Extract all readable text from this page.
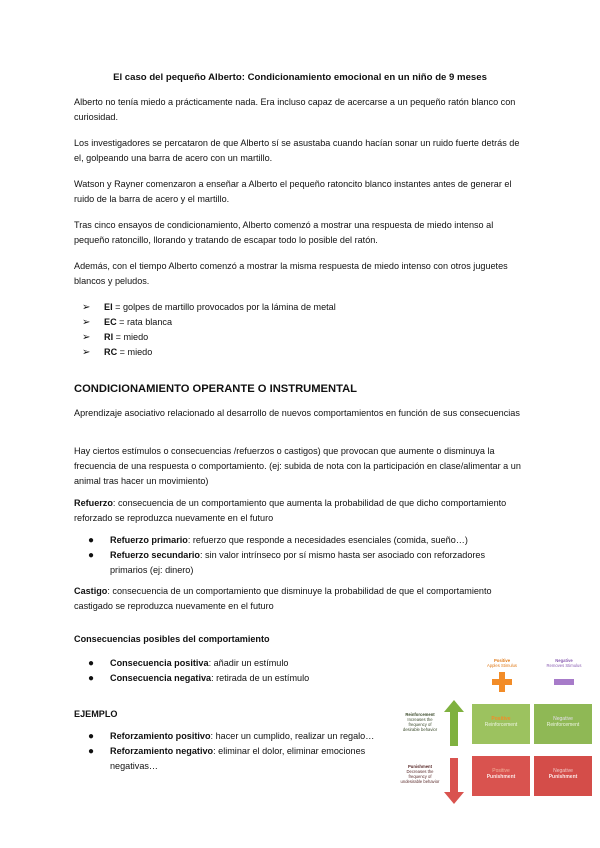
El caso del pequeño Alberto: Condicionamiento emocional en un niño de 9 meses

Alberto no tenía miedo a prácticamente nada. Era incluso capaz de acercarse a un pequeño ratón blanco con curiosidad.

Los investigadores se percataron de que Alberto sí se asustaba cuando hacían sonar un ruido fuerte detrás de el, golpeando una barra de acero con un martillo.

Watson y Rayner comenzaron a enseñar a Alberto el pequeño ratoncito blanco instantes antes de generar el ruido de la barra de acero y el martillo.

Tras cinco ensayos de condicionamiento, Alberto comenzó a mostrar una respuesta de miedo intenso al pequeño ratoncillo, llorando y tratando de escapar todo lo posible del ratón.

Además, con el tiempo Alberto comenzó a mostrar la misma respuesta de miedo intenso con otros juguetes blancos y peludos.

➢ EI = golpes de martillo provocados por la lámina de metal
➢ EC = rata blanca
➢ RI = miedo
➢ RC = miedo
CONDICIONAMIENTO OPERANTE O INSTRUMENTAL

Aprendizaje asociativo relacionado al desarrollo de nuevos comportamientos en función de sus consecuencias

Hay ciertos estímulos o consecuencias /refuerzos o castigos) que provocan que aumente o disminuya la frecuencia de una respuesta o comportamiento. (ej: subida de nota con la participación en clase/alimentar a un animal tras hacer un movimiento)

Refuerzo: consecuencia de un comportamiento que aumenta la probabilidad de que dicho comportamiento reforzado se reproduzca nuevamente en el futuro

● Refuerzo primario: refuerzo que responde a necesidades esenciales (comida, sueño…)
● Refuerzo secundario: sin valor intrínseco por sí mismo hasta ser asociado con reforzadores primarios (ej: dinero)

Castigo: consecuencia de un comportamiento que disminuye la probabilidad de que el comportamiento castigado se reproduzca nuevamente en el futuro

Consecuencias posibles del comportamiento
● Consecuencia positiva: añadir un estímulo
● Consecuencia negativa: retirada de un estímulo
EJEMPLO
● Reforzamiento positivo: hacer un cumplido, realizar un regalo…
● Reforzamiento negativo: eliminar el dolor, eliminar emociones negativas…
Positive
Apples Stimulus
Negative
Removes Stimulus
Reinforcement
Increases the frequency of desirable behavior
Punishment
Decreases the frequency of undesirable behavior
Positive
Reinforcement
Negative
Reinforcement
Positive
Punishment
Negative
Punishment
